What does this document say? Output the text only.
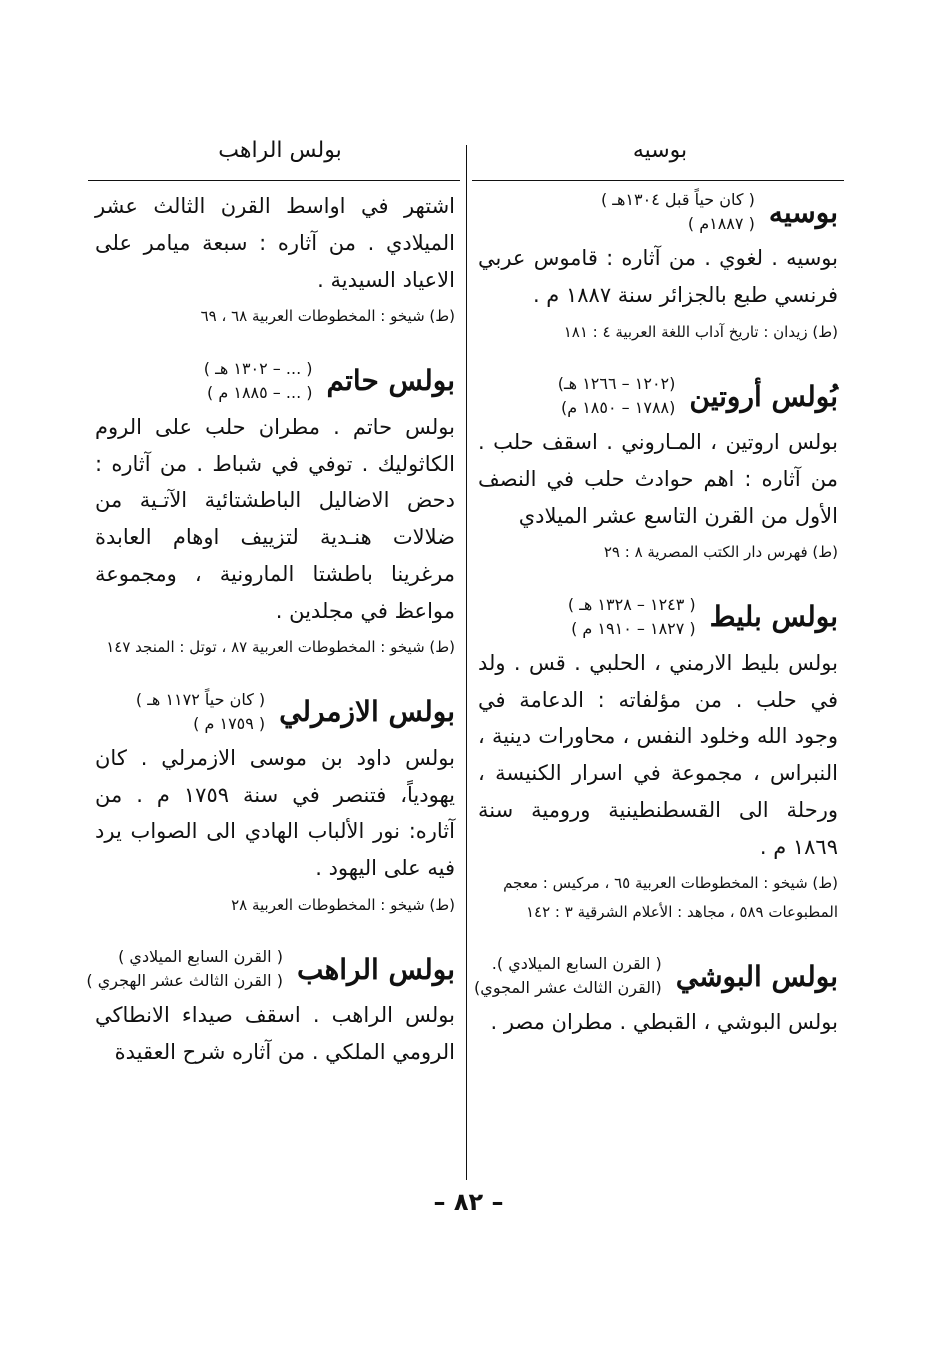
بوسيه
بولس الراهب
بوسيه
( كان حياً قبل ١٣٠٤هـ )
( ١٨٨٧م )
بوسيه . لغوي . من آثاره : قاموس عربي فرنسي طبع بالجزائر سنة ١٨٨٧ م .
(ط) زيدان : تاريخ آداب اللغة العربية ٤ : ١٨١
بُولس أروتين
(١٢٠٢ – ١٢٦٦ هـ)
(١٧٨٨ – ١٨٥٠ م)
بولس اروتين ، المـاروني . اسقف حلب . من آثاره : اهم حوادث حلب في النصف الأول من القرن التاسع عشر الميلادي
(ط) فهرس دار الكتب المصرية ٨ : ٢٩
بولس بليط
( ١٢٤٣ – ١٣٢٨ هـ )
( ١٨٢٧ – ١٩١٠ م )
بولس بليط الارمني ، الحلبي . قس . ولد في حلب . من مؤلفاته : الدعامة في وجود الله وخلود النفس ، محاورات دينية ، النبراس ، مجموعة في اسرار الكنيسة ، ورحلة الى القسطنطينية ورومية سنة ١٨٦٩ م .
(ط) شيخو : المخطوطات العربية ٦٥ ، مركيس : معجم المطبوعات ٥٨٩ ، مجاهد : الأعلام الشرقية ٣ : ١٤٢
بولس البوشي
( القرن السابع الميلادي ).
(القرن الثالث عشر المجوي)
بولس البوشي ، القبطي . مطران مصر .
اشتهر في اواسط القرن الثالث عشر الميلادي . من آثاره : سبعة ميامر على الاعياد السيدية .
(ط) شيخو : المخطوطات العربية ٦٨ ، ٦٩
بولس حاتم
( ... – ١٣٠٢ هـ )
( ... – ١٨٨٥ م )
بولس حاتم . مطران حلب على الروم الكاثوليك . توفي في شباط . من آثاره : دحض الاضاليل الباطشتائية الآتـية من ضلالات هنـدية لتزييف اوهام العابدة مرغرينا باطشتا المارونية ، ومجموعة مواعظ في مجلدين .
(ط) شيخو : المخطوطات العربية ٨٧ ، توتل : المنجد ١٤٧
بولس الازمرلي
( كان حياً ١١٧٢ هـ )
( ١٧٥٩ م )
بولس داود بن موسى الازمرلي . كان يهودياً، فتنصر في سنة ١٧٥٩ م . من آثاره: نور الألباب الهادي الى الصواب يرد فيه على اليهود .
(ط) شيخو : المخطوطات العربية ٢٨
بولس الراهب
( القرن السابع الميلادي )
( القرن الثالث عشر الهجري )
بولس الراهب . اسقف صيداء الانطاكي الرومي الملكي . من آثاره شرح العقيدة
– ٨٢ –
